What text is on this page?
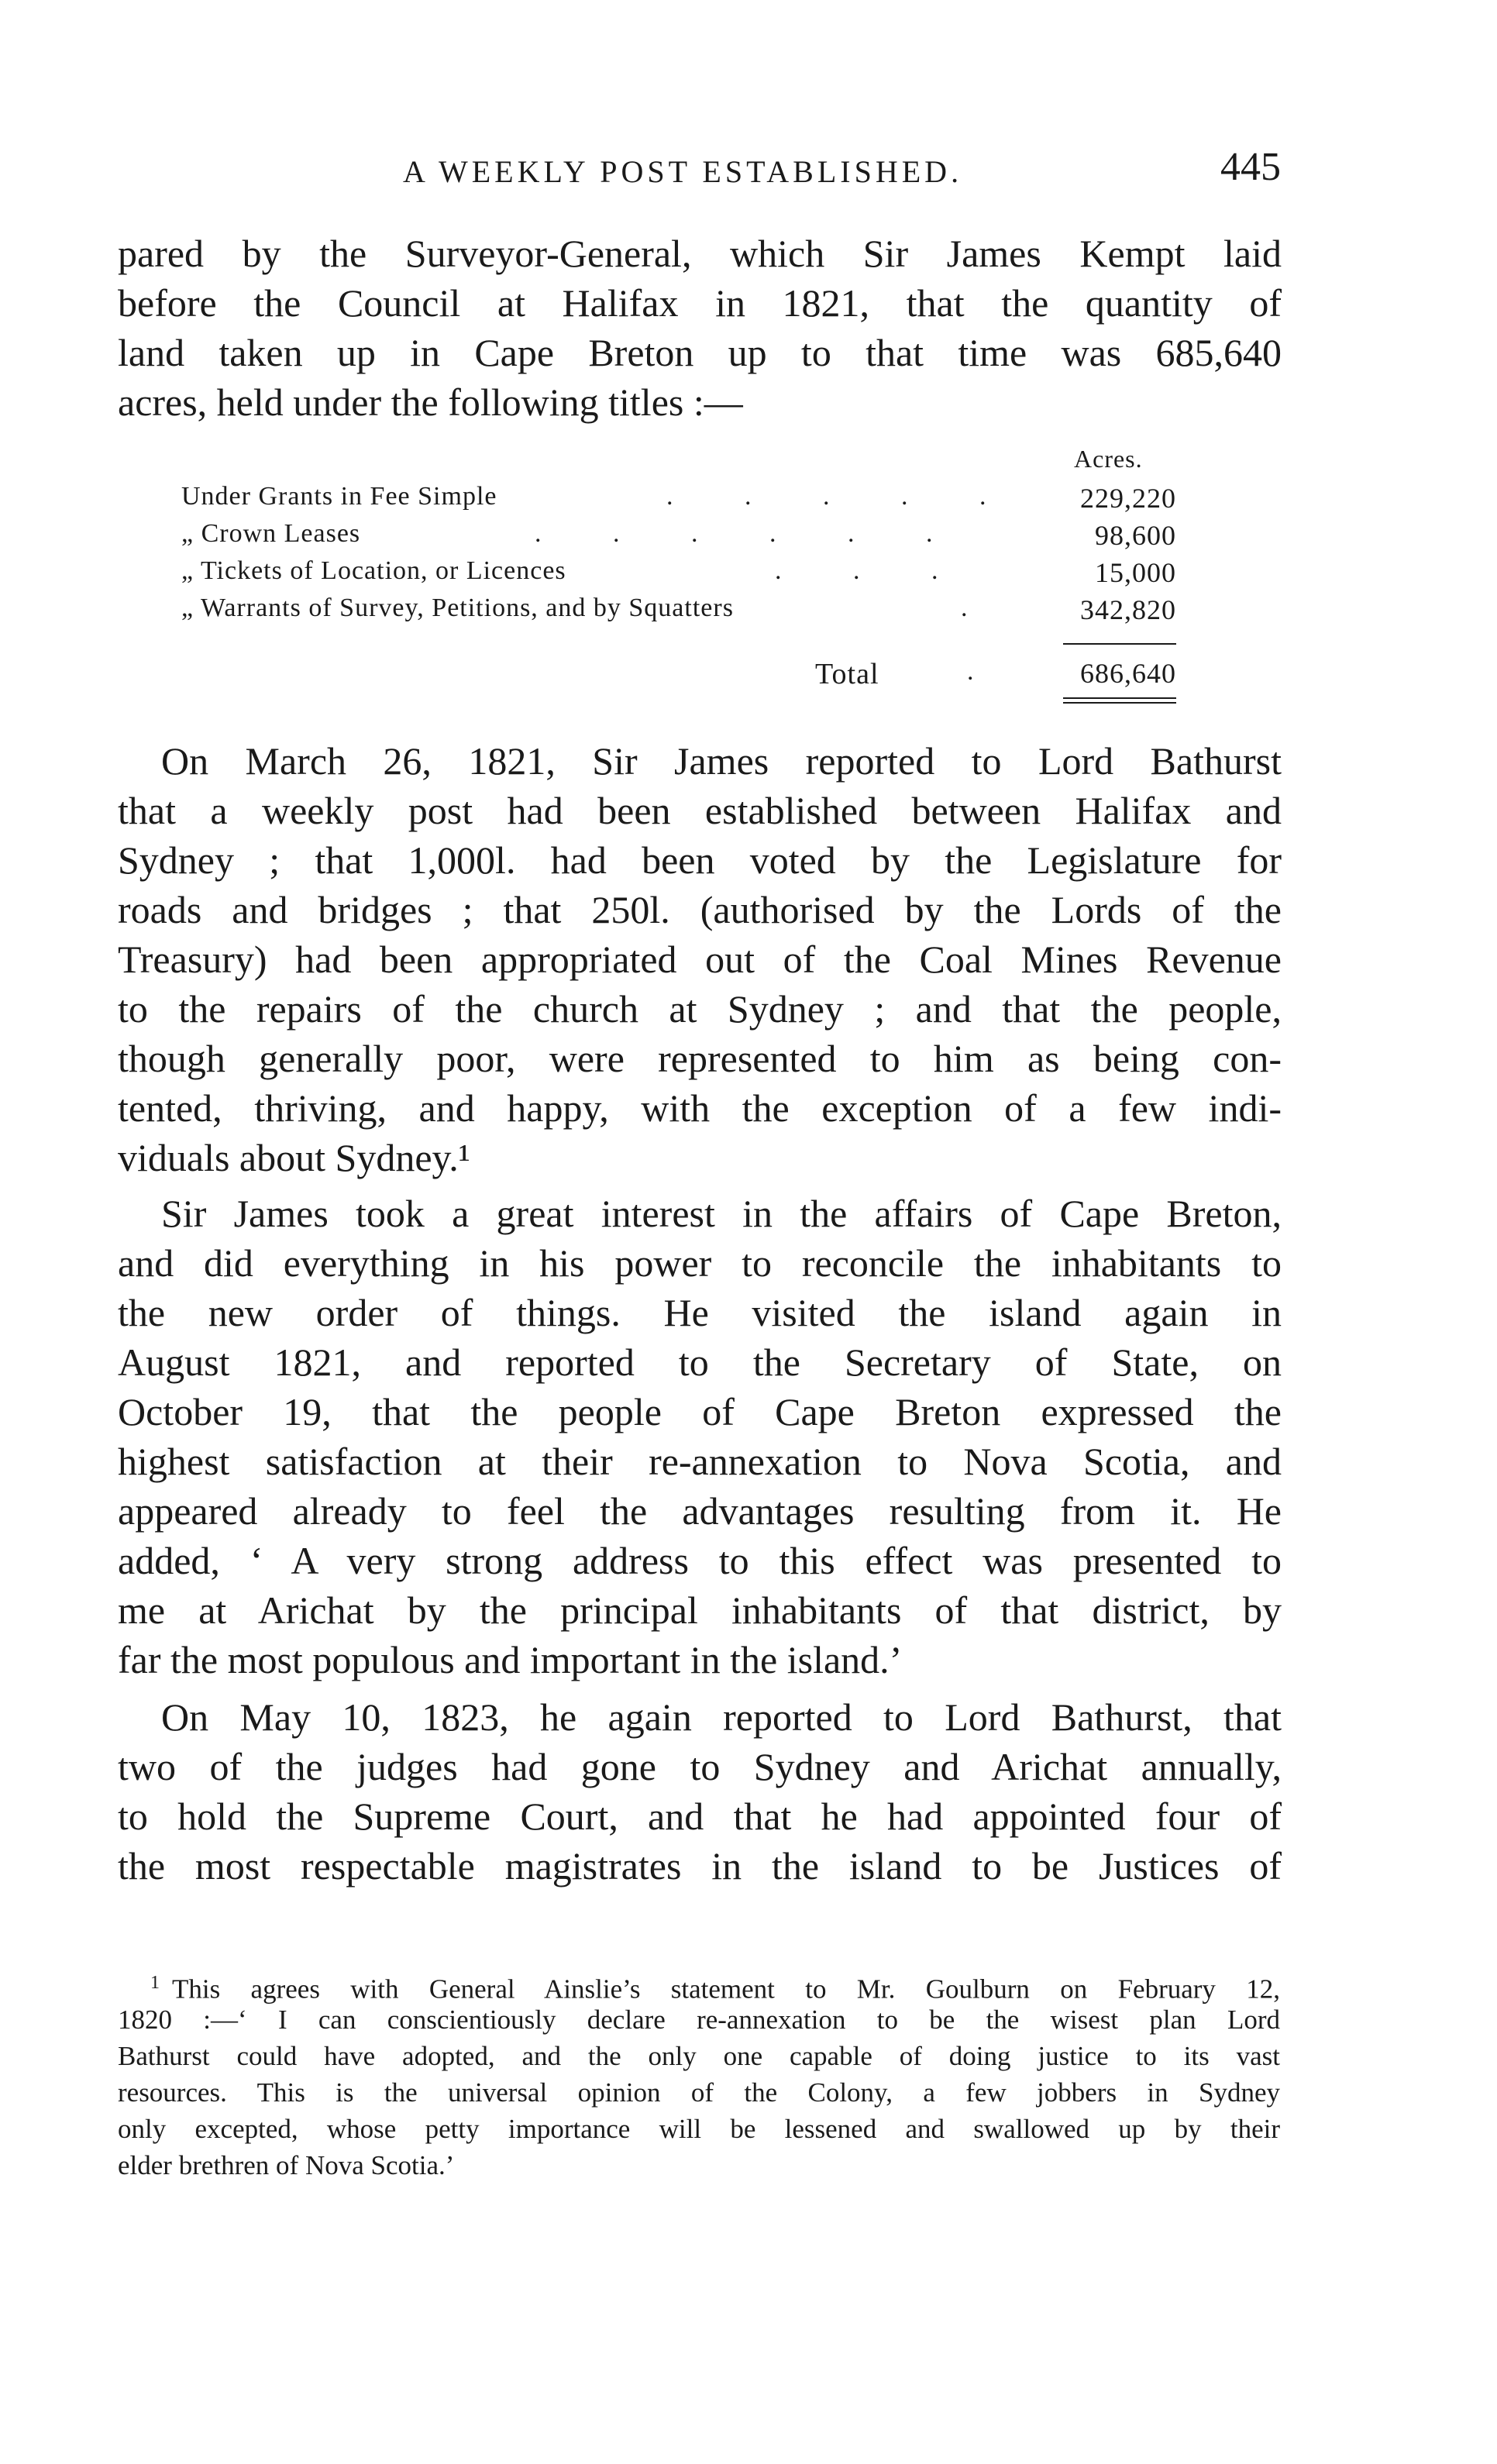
A WEEKLY POST ESTABLISHED.	445
pared by the Surveyor-General, which Sir James Kempt laid
before the Council at Halifax in 1821, that the quantity of
land taken up in Cape Breton up to that time was 685,640
acres, held under the following titles :—
Acres.
Under Grants in Fee Simple	. . . . .	229,220
„ Crown Leases	. . . . . .	98,600
„ Tickets of Location, or Licences	. . .	15,000
„ Warrants of Survey, Petitions, and by Squatters	.	342,820
Total	.	686,640
On March 26, 1821, Sir James reported to Lord Bathurst
that a weekly post had been established between Halifax and
Sydney ; that 1,000l. had been voted by the Legislature for
roads and bridges ; that 250l. (authorised by the Lords of the
Treasury) had been appropriated out of the Coal Mines Revenue
to the repairs of the church at Sydney ; and that the people,
though generally poor, were represented to him as being con-
tented, thriving, and happy, with the exception of a few indi-
viduals about Sydney.¹
Sir James took a great interest in the affairs of Cape Breton,
and did everything in his power to reconcile the inhabitants to
the new order of things. He visited the island again in
August 1821, and reported to the Secretary of State, on
October 19, that the people of Cape Breton expressed the
highest satisfaction at their re-annexation to Nova Scotia, and
appeared already to feel the advantages resulting from it. He
added, ‘ A very strong address to this effect was presented to
me at Arichat by the principal inhabitants of that district, by
far the most populous and important in the island.’
On May 10, 1823, he again reported to Lord Bathurst, that
two of the judges had gone to Sydney and Arichat annually,
to hold the Supreme Court, and that he had appointed four of
the most respectable magistrates in the island to be Justices of
$^1$ This agrees with General Ainslie’s statement to Mr. Goulburn on February 12,
1820 :—‘ I can conscientiously declare re-annexation to be the wisest plan Lord
Bathurst could have adopted, and the only one capable of doing justice to its vast
resources. This is the universal opinion of the Colony, a few jobbers in Sydney
only excepted, whose petty importance will be lessened and swallowed up by their
elder brethren of Nova Scotia.’
